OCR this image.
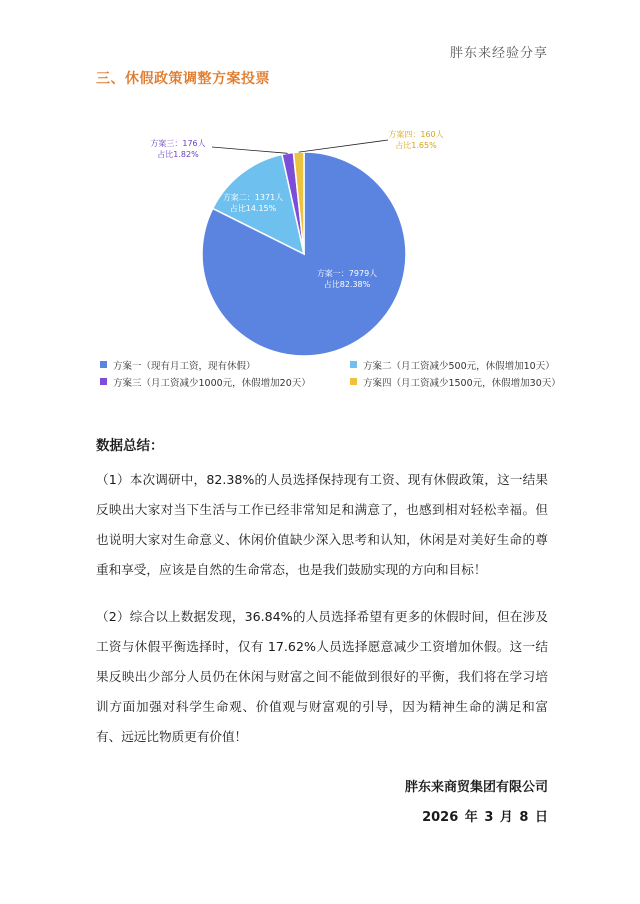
胖东来经验分享
三、休假政策调整方案投票
方案一：7979人
占比82.38%
方案二：1371人
占比14.15%
方案三：176人
占比1.82%
方案四：160人
占比1.65%
方案一（现有月工资，现有休假）	方案二（月工资减少500元，休假增加10天）
方案三（月工资减少1000元，休假增加20天）	方案四（月工资减少1500元，休假增加30天）
数据总结：
（1）本次调研中，82.38%的人员选择保持现有工资、现有休假政策，这一结果反映出大家对当下生活与工作已经非常知足和满意了，也感到相对轻松幸福。但也说明大家对生命意义、休闲价值缺少深入思考和认知，休闲是对美好生命的尊重和享受，应该是自然的生命常态，也是我们鼓励实现的方向和目标！
（2）综合以上数据发现，36.84%的人员选择希望有更多的休假时间，但在涉及工资与休假平衡选择时，仅有 17.62%人员选择愿意减少工资增加休假。这一结果反映出少部分人员仍在休闲与财富之间不能做到很好的平衡，我们将在学习培训方面加强对科学生命观、价值观与财富观的引导，因为精神生命的满足和富有、远远比物质更有价值！
胖东来商贸集团有限公司
2026 年 3 月 8 日
